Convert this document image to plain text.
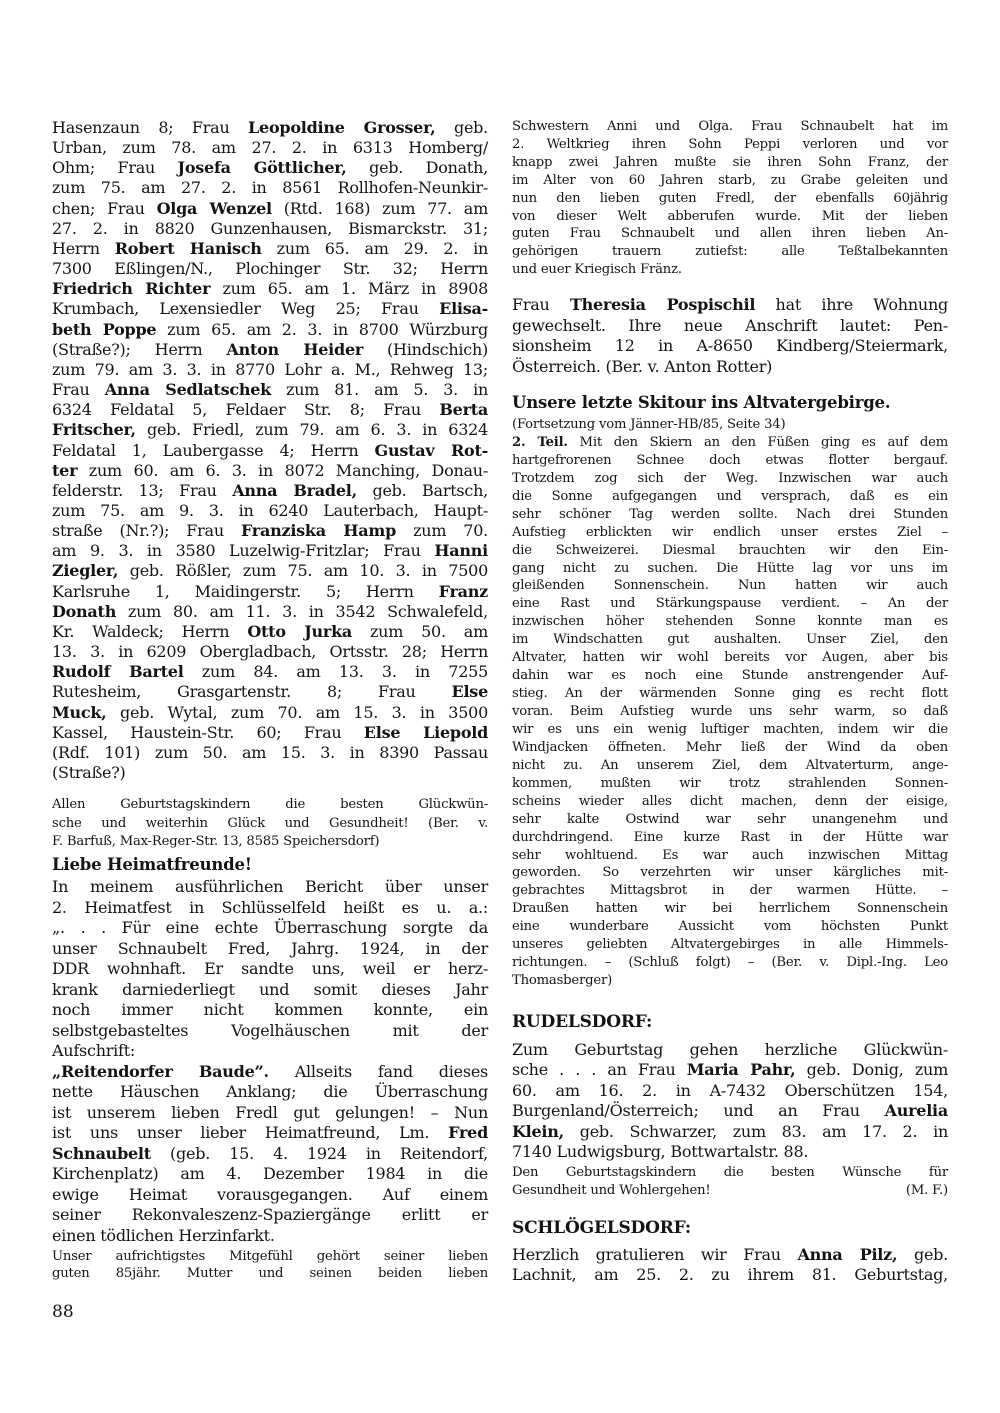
Hasenzaun 8; Frau Leopoldine Grosser, geb.
Urban, zum 78. am 27. 2. in 6313 Homberg/
Ohm; Frau Josefa Göttlicher, geb. Donath,
zum 75. am 27. 2. in 8561 Rollhofen-Neunkir-
chen; Frau Olga Wenzel (Rtd. 168) zum 77. am
27. 2. in 8820 Gunzenhausen, Bismarckstr. 31;
Herrn Robert Hanisch zum 65. am 29. 2. in
7300 Eßlingen/N., Plochinger Str. 32; Herrn
Friedrich Richter zum 65. am 1. März in 8908
Krumbach, Lexensiedler Weg 25; Frau Elisa-
beth Poppe zum 65. am 2. 3. in 8700 Würzburg
(Straße?); Herrn Anton Heider (Hindschich)
zum 79. am 3. 3. in 8770 Lohr a. M., Rehweg 13;
Frau Anna Sedlatschek zum 81. am 5. 3. in
6324 Feldatal 5, Feldaer Str. 8; Frau Berta
Fritscher, geb. Friedl, zum 79. am 6. 3. in 6324
Feldatal 1, Laubergasse 4; Herrn Gustav Rot-
ter zum 60. am 6. 3. in 8072 Manching, Donau-
felderstr. 13; Frau Anna Bradel, geb. Bartsch,
zum 75. am 9. 3. in 6240 Lauterbach, Haupt-
straße (Nr.?); Frau Franziska Hamp zum 70.
am 9. 3. in 3580 Luzelwig-Fritzlar; Frau Hanni
Ziegler, geb. Rößler, zum 75. am 10. 3. in 7500
Karlsruhe 1, Maidingerstr. 5; Herrn Franz
Donath zum 80. am 11. 3. in 3542 Schwalefeld,
Kr. Waldeck; Herrn Otto Jurka zum 50. am
13. 3. in 6209 Obergladbach, Ortsstr. 28; Herrn
Rudolf Bartel zum 84. am 13. 3. in 7255
Rutesheim, Grasgartenstr. 8; Frau Else
Muck, geb. Wytal, zum 70. am 15. 3. in 3500
Kassel, Haustein-Str. 60; Frau Else Liepold
(Rdf. 101) zum 50. am 15. 3. in 8390 Passau
(Straße?)
Allen Geburtstagskindern die besten Glückwün-
sche und weiterhin Glück und Gesundheit! (Ber. v.
F. Barfuß, Max-Reger-Str. 13, 8585 Speichersdorf)
Liebe Heimatfreunde!
In meinem ausführlichen Bericht über unser
2. Heimatfest in Schlüsselfeld heißt es u. a.:
„. . . Für eine echte Überraschung sorgte da
unser Schnaubelt Fred, Jahrg. 1924, in der
DDR wohnhaft. Er sandte uns, weil er herz-
krank darniederliegt und somit dieses Jahr
noch immer nicht kommen konnte, ein
selbstgebasteltes Vogelhäuschen mit der
Aufschrift:
„Reitendorfer Baude”. Allseits fand dieses
nette Häuschen Anklang; die Überraschung
ist unserem lieben Fredl gut gelungen! – Nun
ist uns unser lieber Heimatfreund, Lm. Fred
Schnaubelt (geb. 15. 4. 1924 in Reitendorf,
Kirchenplatz) am 4. Dezember 1984 in die
ewige Heimat vorausgegangen. Auf einem
seiner Rekonvaleszenz-Spaziergänge erlitt er
einen tödlichen Herzinfarkt.
Unser aufrichtigstes Mitgefühl gehört seiner lieben
guten 85jähr. Mutter und seinen beiden lieben
88
Schwestern Anni und Olga. Frau Schnaubelt hat im
2. Weltkrieg ihren Sohn Peppi verloren und vor
knapp zwei Jahren mußte sie ihren Sohn Franz, der
im Alter von 60 Jahren starb, zu Grabe geleiten und
nun den lieben guten Fredl, der ebenfalls 60jährig
von dieser Welt abberufen wurde. Mit der lieben
guten Frau Schnaubelt und allen ihren lieben An-
gehörigen trauern zutiefst: alle Teßtalbekannten
und euer Kriegisch Fränz.
Frau Theresia Pospischil hat ihre Wohnung
gewechselt. Ihre neue Anschrift lautet: Pen-
sionsheim 12 in A-8650 Kindberg/Steiermark,
Österreich. (Ber. v. Anton Rotter)
Unsere letzte Skitour ins Altvatergebirge.
(Fortsetzung vom Jänner-HB/85, Seite 34)
2. Teil. Mit den Skiern an den Füßen ging es auf dem
hartgefrorenen Schnee doch etwas flotter bergauf.
Trotzdem zog sich der Weg. Inzwischen war auch
die Sonne aufgegangen und versprach, daß es ein
sehr schöner Tag werden sollte. Nach drei Stunden
Aufstieg erblickten wir endlich unser erstes Ziel –
die Schweizerei. Diesmal brauchten wir den Ein-
gang nicht zu suchen. Die Hütte lag vor uns im
gleißenden Sonnenschein. Nun hatten wir auch
eine Rast und Stärkungspause verdient. – An der
inzwischen höher stehenden Sonne konnte man es
im Windschatten gut aushalten. Unser Ziel, den
Altvater, hatten wir wohl bereits vor Augen, aber bis
dahin war es noch eine Stunde anstrengender Auf-
stieg. An der wärmenden Sonne ging es recht flott
voran. Beim Aufstieg wurde uns sehr warm, so daß
wir es uns ein wenig luftiger machten, indem wir die
Windjacken öffneten. Mehr ließ der Wind da oben
nicht zu. An unserem Ziel, dem Altvaterturm, ange-
kommen, mußten wir trotz strahlenden Sonnen-
scheins wieder alles dicht machen, denn der eisige,
sehr kalte Ostwind war sehr unangenehm und
durchdringend. Eine kurze Rast in der Hütte war
sehr wohltuend. Es war auch inzwischen Mittag
geworden. So verzehrten wir unser kärgliches mit-
gebrachtes Mittagsbrot in der warmen Hütte. –
Draußen hatten wir bei herrlichem Sonnenschein
eine wunderbare Aussicht vom höchsten Punkt
unseres geliebten Altvatergebirges in alle Himmels-
richtungen. – (Schluß folgt) – (Ber. v. Dipl.-Ing. Leo
Thomasberger)
RUDELSDORF:
Zum Geburtstag gehen herzliche Glückwün-
sche . . . an Frau Maria Pahr, geb. Donig, zum
60. am 16. 2. in A-7432 Oberschützen 154,
Burgenland/Österreich; und an Frau Aurelia
Klein, geb. Schwarzer, zum 83. am 17. 2. in
7140 Ludwigsburg, Bottwartalstr. 88.
Den Geburtstagskindern die besten Wünsche für
(M. F.)
Gesundheit und Wohlergehen!
SCHLÖGELSDORF:
Herzlich gratulieren wir Frau Anna Pilz, geb.
Lachnit, am 25. 2. zu ihrem 81. Geburtstag,
